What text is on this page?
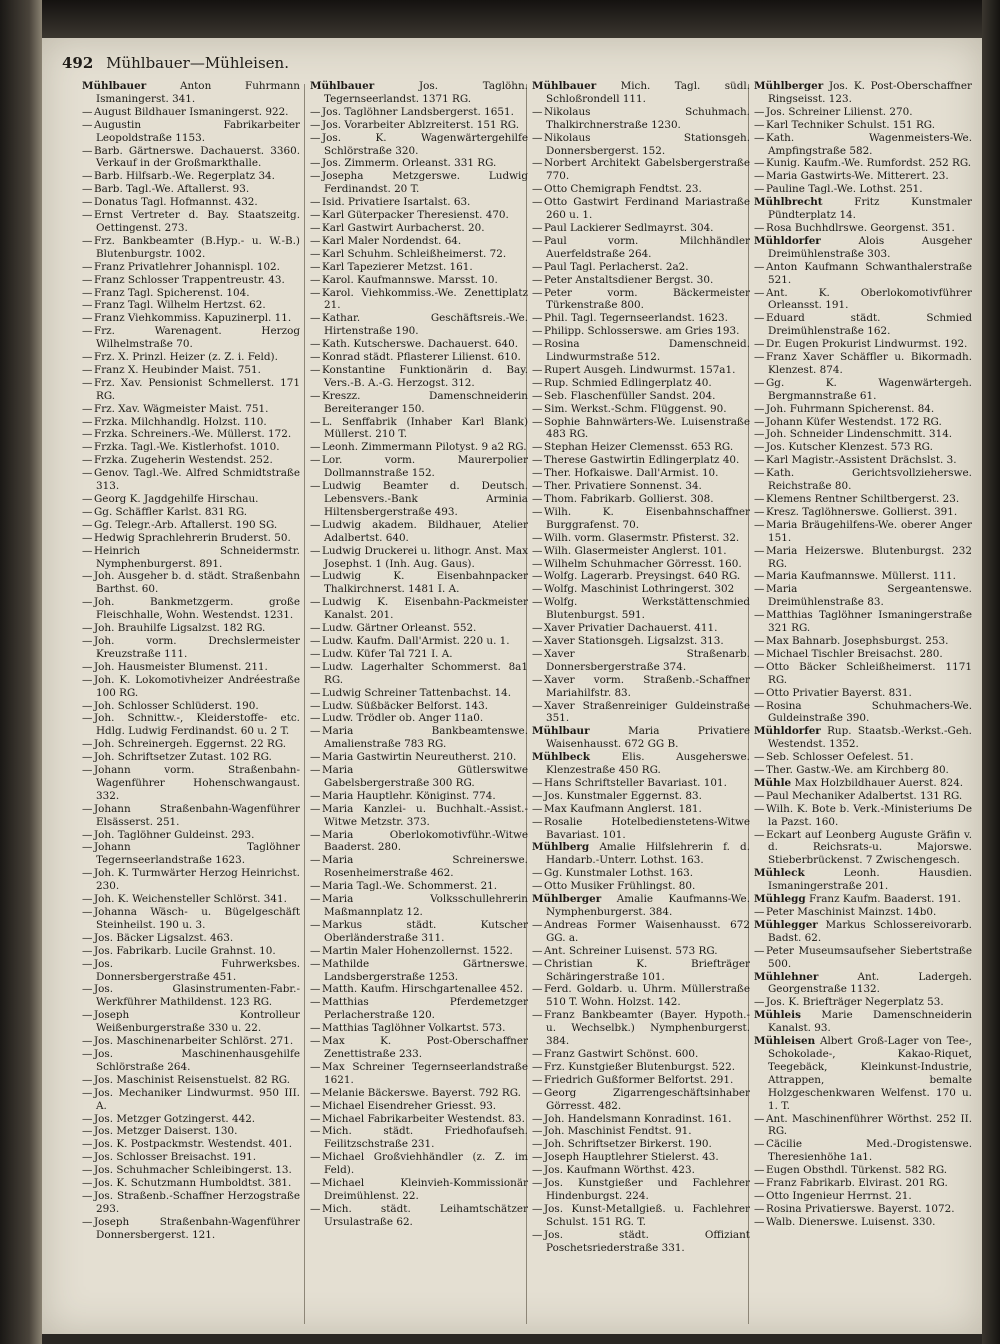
492 Mühlbauer—Mühleisen.

Mühlbauer	Anton Fuhrmann Ismaningerst. 341.

— August Bildhauer Ismaningerst. 922.

— Augustin Fabrikarbeiter Leopoldstraße 1153.

— Barb. Gärtnerswe. Dachauerst. 3360. Verkauf in der Großmarkthalle.

— Barb. Hilfsarb.-We. Regerplatz 34.

— Barb. Tagl.-We. Aftallerst. 93.

— Donatus Tagl. Hofmannst. 432.

— Ernst Vertreter d. Bay. Staatszeitg. Oettingenst. 273.

— Frz. Bankbeamter (B.Hyp.- u. W.-B.) Blutenburgstr. 1002.

— Franz Privatlehrer Johannispl. 102.

— Franz Schlosser Trappentreustr. 43.

— Franz Tagl. Spicherenst. 104.

— Franz Tagl. Wilhelm Hertzst. 62.

— Franz Viehkommiss. Kapuzinerpl. 11.

— Frz. Warenagent. Herzog Wilhelmstraße 70.

— Frz. X. Prinzl. Heizer (z. Z. i. Feld).

— Franz X. Heubinder Maist. 751.

— Frz. Xav. Pensionist Schmellerst. 171 RG.

— Frz. Xav. Wägmeister Maist. 751.

— Frzka. Milchhandlg. Holzst. 110.

— Frzka. Schreiners.-We. Müllerst. 172.

— Frzka. Tagl.-We. Kistlerhofst. 1010.

— Frzka. Zugeherin Westendst. 252.

— Genov. Tagl.-We. Alfred Schmidtstraße 313.

— Georg K. Jagdgehilfe Hirschau.

— Gg. Schäffler Karlst. 831 RG.

— Gg. Telegr.-Arb. Aftallerst. 190 SG.

— Hedwig Sprachlehrerin Bruderst. 50.

— Heinrich Schneidermstr. Nymphenburgerst. 891.

— Joh. Ausgeher b. d. städt. Straßenbahn Barthst. 60.

— Joh. Bankmetzgerm. große Fleischhalle, Wohn. Westendst. 1231.

— Joh. Brauhilfe Ligsalzst. 182 RG.

— Joh. vorm. Drechslermeister Kreuzstraße 111.

— Joh. Hausmeister Blumenst. 211.

— Joh. K. Lokomotivheizer Andréestraße 100 RG.

— Joh. Schlosser Schlüderst. 190.

— Joh. Schnittw.-, Kleiderstoffe- etc. Hdlg. Ludwig Ferdinandst. 60 u. 2 T.

— Joh. Schreinergeh. Eggernst. 22 RG.

— Joh. Schriftsetzer Zutast. 102 RG.

— Johann vorm. Straßenbahn-Wagenführer Hohenschwangaust. 332.

— Johann Straßenbahn-Wagenführer Elsässerst. 251.

— Joh. Taglöhner Guldeinst. 293.

— Johann Taglöhner Tegernseerlandstraße 1623.

— Joh. K. Turmwärter Herzog Heinrichst. 230.

— Joh. K. Weichensteller Schlörst. 341.

— Johanna Wäsch- u. Bügelgeschäft Steinheilst. 190 u. 3.

— Jos. Bäcker Ligsalzst. 463.

— Jos. Fabrikarb. Lucile Grahnst. 10.

— Jos. Fuhrwerksbes. Donnersbergerstraße 451.

— Jos. Glasinstrumenten-Fabr.-Werkführer Mathildenst. 123 RG.

— Joseph Kontrolleur Weißenburgerstraße 330 u. 22.

— Jos. Maschinenarbeiter Schlörst. 271.

— Jos. Maschinenhausgehilfe Schlörstraße 264.

— Jos. Maschinist Reisenstuelst. 82 RG.

— Jos. Mechaniker Lindwurmst. 950 III. A.

— Jos. Metzger Gotzingerst. 442.

— Jos. Metzger Daiserst. 130.

— Jos. K. Postpackmstr. Westendst. 401.

— Jos. Schlosser Breisachst. 191.

— Jos. Schuhmacher Schleibingerst. 13.

— Jos. K. Schutzmann Humboldtst. 381.

— Jos. Straßenb.-Schaffner Herzogstraße 293.

— Joseph Straßenbahn-Wagenführer Donnersbergerst. 121.

Mühlbauer	Jos. Taglöhn. Tegernseerlandst. 1371 RG.

— Jos. Taglöhner Landsbergerst. 1651.

— Jos. Vorarbeiter Ablzreiterst. 151 RG.

— Jos. K. Wagenwärtergehilfe Schlörstraße 320.

— Jos. Zimmerm. Orleanst. 331 RG.

— Josepha Metzgerswe. Ludwig Ferdinandst. 20 T.

— Isid. Privatiere Isartalst. 63.

— Karl Güterpacker Theresienst. 470.

— Karl Gastwirt Aurbacherst. 20.

— Karl Maler Nordendst. 64.

— Karl Schuhm. Schleißheimerst. 72.

— Karl Tapezierer Metzst. 161.

— Karol. Kaufmannswe. Marsst. 10.

— Karol. Viehkommiss.-We. Zenettiplatz 21.

— Kathar. Geschäftsreis.-We. Hirtenstraße 190.

— Kath. Kutscherswe. Dachauerst. 640.

— Konrad städt. Pflasterer Lilienst. 610.

— Konstantine Funktionärin d. Bay. Vers.-B. A.-G. Herzogst. 312.

— Kreszz. Damenschneiderin Bereiteranger 150.

— L. Senffabrik (Inhaber Karl Blank) Müllerst. 210 T.

— Leonh. Zimmermann Pilotyst. 9 a2 RG.

— Lor. vorm. Maurerpolier Dollmannstraße 152.

— Ludwig Beamter d. Deutsch. Lebensvers.-Bank Arminia Hiltensbergerstraße 493.

— Ludwig akadem. Bildhauer, Atelier Adalbertst. 640.

— Ludwig Druckerei u. lithogr. Anst. Max Josephst. 1 (Inh. Aug. Gaus).

— Ludwig K. Eisenbahnpacker Thalkirchnerst. 1481 I. A.

— Ludwig K. Eisenbahn-Packmeister Kanalst. 201.

— Ludw. Gärtner Orleanst. 552.

— Ludw. Kaufm. Dall'Armist. 220 u. 1.

— Ludw. Küfer Tal 721 I. A.

— Ludw. Lagerhalter Schommerst. 8a1 RG.

— Ludwig Schreiner Tattenbachst. 14.

— Ludw. Süßbäcker Belforst. 143.

— Ludw. Trödler ob. Anger 11a0.

— Maria Bankbeamtenswe. Amalienstraße 783 RG.

— Maria Gastwirtin Neureutherst. 210.

— Maria Gütlerswitwe Gabelsbergerstraße 300 RG.

— Maria Hauptlehr. Königinst. 774.

— Maria Kanzlei- u. Buchhalt.-Assist.-Witwe Metzstr. 373.

— Maria Oberlokomotivführ.-Witwe Baaderst. 280.

— Maria Schreinerswe. Rosenheimerstraße 462.

— Maria Tagl.-We. Schommerst. 21.

— Maria Volksschullehrerin Maßmannplatz 12.

— Markus städt. Kutscher Oberländerstraße 311.

— Martin Maler Hohenzollernst. 1522.

— Mathilde Gärtnerswe. Landsbergerstraße 1253.

— Matth. Kaufm. Hirschgartenallee 452.

— Matthias Pferdemetzger Perlacherstraße 120.

— Matthias Taglöhner Volkartst. 573.

— Max K. Post-Oberschaffner Zenettistraße 233.

— Max Schreiner Tegernseerlandstraße 1621.

— Melanie Bäckerswe. Bayerst. 792 RG.

— Michael Eisendreher Griesst. 93.

— Michael Fabrikarbeiter Westendst. 83.

— Mich. städt. Friedhofaufseh. Feilitzschstraße 231.

— Michael Großviehhändler (z. Z. im Feld).

— Michael Kleinvieh-Kommissionär Dreimühlenst. 22.

— Mich. städt. Leihamtschätzer Ursulastraße 62.

Mühlbauer Mich. Tagl. südl. Schloßrondell 111.

— Nikolaus Schuhmach. Thalkirchnerstraße 1230.

— Nikolaus Stationsgeh. Donnersbergerst. 152.

— Norbert Architekt Gabelsbergerstraße 770.

— Otto Chemigraph Fendtst. 23.

— Otto Gastwirt Ferdinand Mariastraße 260 u. 1.

— Paul Lackierer Sedlmayrst. 304.

— Paul vorm. Milchhändler Auerfeldstraße 264.

— Paul Tagl. Perlacherst. 2a2.

— Peter Anstaltsdiener Bergst. 30.

— Peter vorm. Bäckermeister Türkenstraße 800.

— Phil. Tagl. Tegernseerlandst. 1623.

— Philipp. Schlosserswe. am Gries 193.

— Rosina Damenschneid. Lindwurmstraße 512.

— Rupert Ausgeh. Lindwurmst. 157a1.

— Rup. Schmied Edlingerplatz 40.

— Seb. Flaschenfüller Sandst. 204.

— Sim. Werkst.-Schm. Flüggenst. 90.

— Sophie Bahnwärters-We. Luisenstraße 483 RG.

— Stephan Heizer Clemensst. 653 RG.

— Therese Gastwirtin Edlingerplatz 40.

— Ther. Hofkaiswe. Dall'Armist. 10.

— Ther. Privatiere Sonnenst. 34.

— Thom. Fabrikarb. Gollierst. 308.

— Wilh. K. Eisenbahnschaffner Burggrafenst. 70.

— Wilh. vorm. Glasermstr. Pfisterst. 32.

— Wilh. Glasermeister Anglerst. 101.

— Wilhelm Schuhmacher Görresst. 160.

— Wolfg. Lagerarb. Preysingst. 640 RG.

— Wolfg. Maschinist Lothringerst. 302

— Wolfg. Werkstättenschmied Blutenburgst. 591.

— Xaver Privatier Dachauerst. 411.

— Xaver Stationsgeh. Ligsalzst. 313.

— Xaver Straßenarb. Donnersbergerstraße 374.

— Xaver vorm. Straßenb.-Schaffner Mariahilfstr. 83.

— Xaver Straßenreiniger Guldeinstraße 351.

Mühlbaur	Maria Privatiere Waisenhausst. 672 GG B.

Mühlbeck	Elis. Ausgeherswe. Klenzestraße 450 RG.

— Hans Schriftsteller Bavariast. 101.

— Jos. Kunstmaler Eggernst. 83.

— Max Kaufmann Anglerst. 181.

— Rosalie Hotelbedienstetens-Witwe Bavariast. 101.

Mühlberg Amalie Hilfslehrerin f. d. Handarb.-Unterr. Lothst. 163.

— Gg. Kunstmaler Lothst. 163.

— Otto Musiker Frühlingst. 80.

Mühlberger Amalie Kaufmanns-We. Nymphenburgerst. 384.

— Andreas Former Waisenhausst. 672 GG. a.

— Ant. Schreiner Luisenst. 573 RG.

— Christian K. Briefträger Schäringerstraße 101.

— Ferd. Goldarb. u. Uhrm. Müllerstraße 510 T. Wohn. Holzst. 142.

— Franz Bankbeamter (Bayer. Hypoth.- u. Wechselbk.) Nymphenburgerst. 384.

— Franz Gastwirt Schönst. 600.

— Frz. Kunstgießer Blutenburgst. 522.

— Friedrich Gußformer Belfortst. 291.

— Georg Zigarrengeschäftsinhaber Görresst. 482.

— Joh. Handelsmann Konradinst. 161.

— Joh. Maschinist Fendtst. 91.

— Joh. Schriftsetzer Birkerst. 190.

— Joseph Hauptlehrer Stielerst. 43.

— Jos. Kaufmann Wörthst. 423.

— Jos. Kunstgießer und Fachlehrer Hindenburgst. 224.

— Jos. Kunst-Metallgieß. u. Fachlehrer Schulst. 151 RG. T.

— Jos. städt. Offiziant Poschetsriederstraße 331.

Mühlberger Jos. K. Post-Oberschaffner Ringseisst. 123.

— Jos. Schreiner Lilienst. 270.

— Karl Techniker Schulst. 151 RG.

— Kath. Wagenmeisters-We. Ampfingstraße 582.

— Kunig. Kaufm.-We. Rumfordst. 252 RG.

— Maria Gastwirts-We. Mitterert. 23.

— Pauline Tagl.-We. Lothst. 251.

Mühlbrecht	Fritz Kunstmaler Pündterplatz 14.

— Rosa Buchhdlrswe. Georgenst. 351.

Mühldorfer	Alois Ausgeher Dreimühlenstraße 303.

— Anton Kaufmann Schwanthalerstraße 521.

— Ant. K. Oberlokomotivführer Orleansst. 191.

— Eduard städt. Schmied Dreimühlenstraße 162.

— Dr. Eugen Prokurist Lindwurmst. 192.

— Franz Xaver Schäffler u. Bikormadh. Klenzest. 874.

— Gg. K. Wagenwärtergeh. Bergmannstraße 61.

— Joh. Fuhrmann Spicherenst. 84.

— Johann Küfer Westendst. 172 RG.

— Joh. Schneider Lindenschmitt. 314.

— Jos. Kutscher Klenzest. 573 RG.

— Karl Magistr.-Assistent Drächslst. 3.

— Kath. Gerichtsvollzieherswe. Reichstraße 80.

— Klemens Rentner Schiltbergerst. 23.

— Kresz. Taglöhnerswe. Gollierst. 391.

— Maria Bräugehilfens-We. oberer Anger 151.

— Maria Heizerswe. Blutenburgst. 232 RG.

— Maria Kaufmannswe. Müllerst. 111.

— Maria Sergeantenswe. Dreimühlenstraße 83.

— Matthias Taglöhner Ismaningerstraße 321 RG.

— Max Bahnarb. Josephsburgst. 253.

— Michael Tischler Breisachst. 280.

— Otto Bäcker Schleißheimerst. 1171 RG.

— Otto Privatier Bayerst. 831.

— Rosina Schuhmachers-We. Guldeinstraße 390.

Mühldorfer Rup. Staatsb.-Werkst.-Geh. Westendst. 1352.

— Seb. Schlosser Oefelest. 51.

— Ther. Gastw.-We. am Kirchberg 80.

Mühle Max Holzbildhauer Auerst. 824.

— Paul Mechaniker Adalbertst. 131 RG.

— Wilh. K. Bote b. Verk.-Ministeriums De la Pazst. 160.

— Eckart auf Leonberg Auguste Gräfin v. d. Reichsrats-u. Majorswe. Stieberbrückenst. 7 Zwischengesch.

Mühleck	Leonh. Hausdien. Ismaningerstraße 201.

Mühlegg Franz Kaufm. Baaderst. 191.

— Peter Maschinist Mainzst. 14b0.

Mühlegger Markus Schlossereivorarb. Badst. 62.

— Peter Museumsaufseher Siebertstraße 500.

Mühlehner	Ant. Ladergeh. Georgenstraße 1132.

— Jos. K. Briefträger Negerplatz 53.

Mühleis Marie Damenschneiderin Kanalst. 93.

Mühleisen Albert Groß-Lager von Tee-, Schokolade-, Kakao-Riquet, Teegebäck, Kleinkunst-Industrie, Attrappen, bemalte Holzgeschenkwaren Welfenst. 170 u. 1. T.

— Ant. Maschinenführer Wörthst. 252 II. RG.

— Cäcilie Med.-Drogistenswe. Theresienhöhe 1a1.

— Eugen Obsthdl. Türkenst. 582 RG.

— Franz Fabrikarb. Elvirast. 201 RG.

— Otto Ingenieur Herrnst. 21.

— Rosina Privatierswe. Bayerst. 1072.

— Walb. Dienerswe. Luisenst. 330.
